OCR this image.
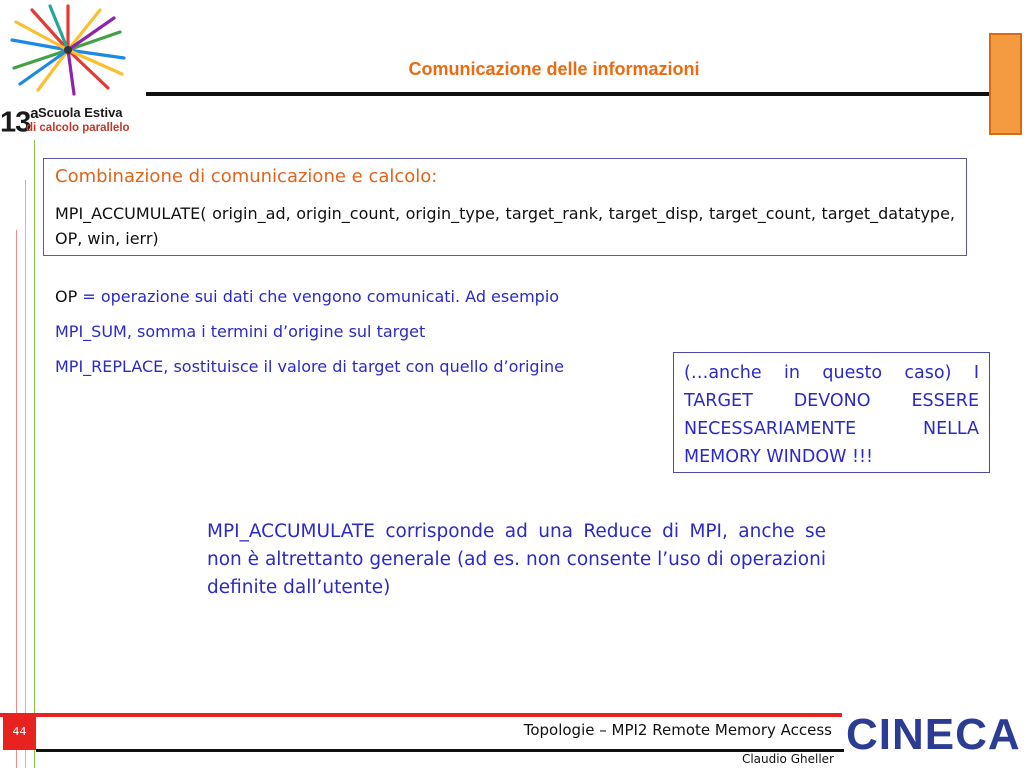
13$^a$ Scuola Estiva
di calcolo parallelo
Comunicazione delle informazioni
Combinazione di comunicazione e calcolo:
MPI_ACCUMULATE( origin_ad, origin_count, origin_type, target_rank, target_disp, target_count, target_datatype, OP, win, ierr)
OP = operazione sui dati che vengono comunicati. Ad esempio
MPI_SUM, somma i termini d’origine sul target
MPI_REPLACE, sostituisce il valore di target con quello d’origine	(…anche in questo caso) I TARGET DEVONO ESSERE NECESSARIAMENTE NELLA MEMORY WINDOW !!!
MPI_ACCUMULATE corrisponde ad una Reduce di MPI, anche se non è altrettanto generale (ad es. non consente l’uso di operazioni definite dall’utente)
44	Topologie – MPI2 Remote Memory Access
Claudio Gheller CINECA
